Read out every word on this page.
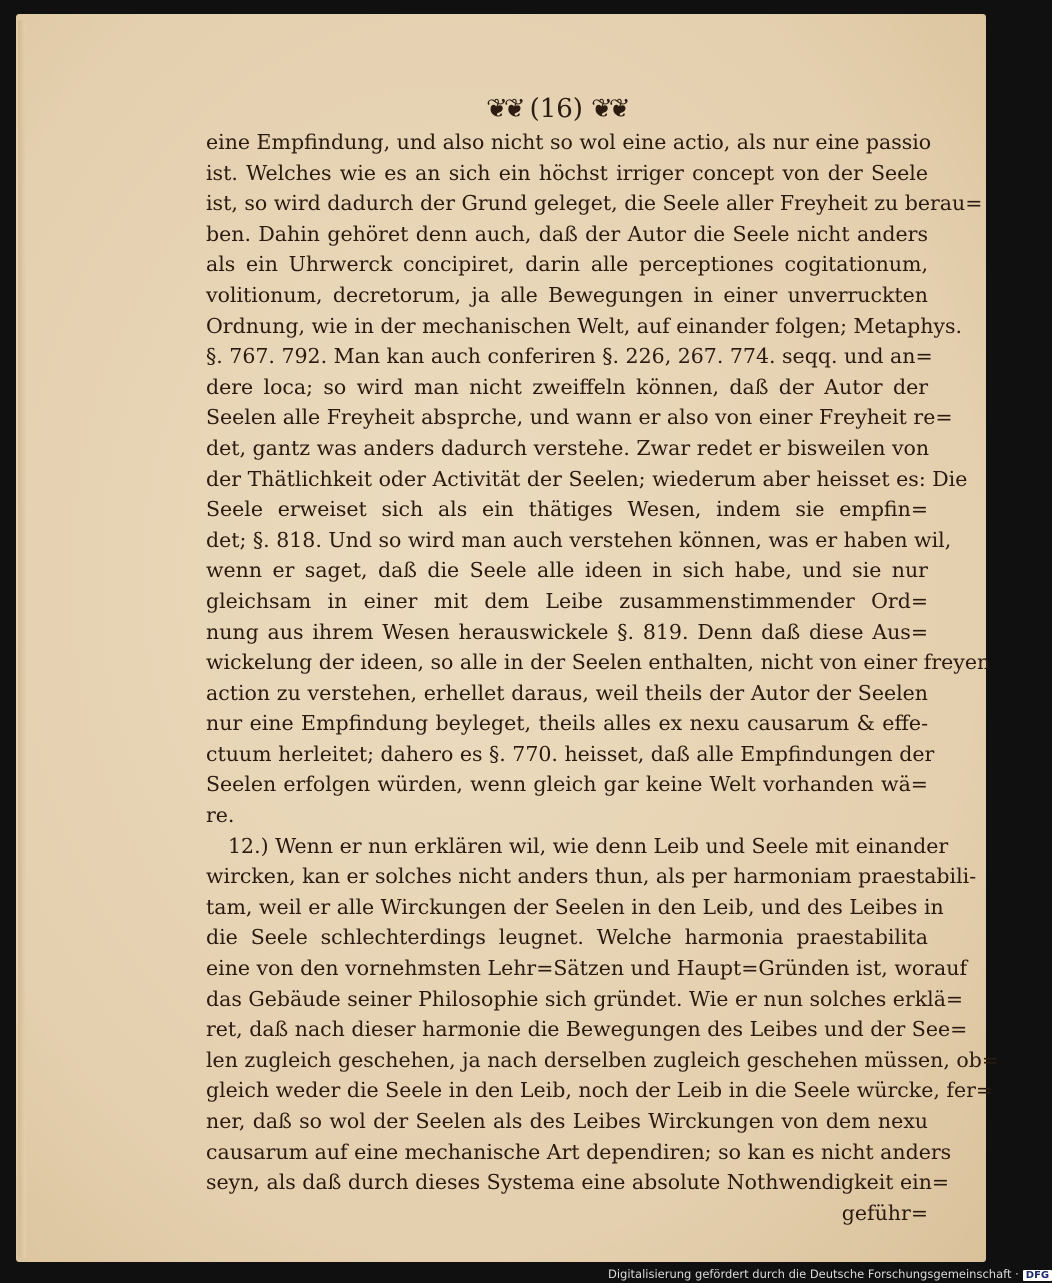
❦❦ (16) ❦❦
eine Empfindung, und also nicht so wol eine actio, als nur eine passio
ist. Welches wie es an sich ein höchst irriger concept von der Seele
ist, so wird dadurch der Grund geleget, die Seele aller Freyheit zu berau=
ben. Dahin gehöret denn auch, daß der Autor die Seele nicht anders
als ein Uhrwerck concipiret, darin alle perceptiones cogitationum,
volitionum, decretorum, ja alle Bewegungen in einer unverruckten
Ordnung, wie in der mechanischen Welt, auf einander folgen; Metaphys.
§. 767. 792. Man kan auch conferiren §. 226, 267. 774. seqq. und an=
dere loca; so wird man nicht zweiffeln können, daß der Autor der
Seelen alle Freyheit absprche, und wann er also von einer Freyheit re=
det, gantz was anders dadurch verstehe. Zwar redet er bisweilen von
der Thätlichkeit oder Activität der Seelen; wiederum aber heisset es: Die
Seele erweiset sich als ein thätiges Wesen, indem sie empfin=
det; §. 818. Und so wird man auch verstehen können, was er haben wil,
wenn er saget, daß die Seele alle ideen in sich habe, und sie nur
gleichsam in einer mit dem Leibe zusammenstimmender Ord=
nung aus ihrem Wesen herauswickele §. 819. Denn daß diese Aus=
wickelung der ideen, so alle in der Seelen enthalten, nicht von einer freyen
action zu verstehen, erhellet daraus, weil theils der Autor der Seelen
nur eine Empfindung beyleget, theils alles ex nexu causarum & effe-
ctuum herleitet; dahero es §. 770. heisset, daß alle Empfindungen der
Seelen erfolgen würden, wenn gleich gar keine Welt vorhanden wä=
re.
12.) Wenn er nun erklären wil, wie denn Leib und Seele mit einander
wircken, kan er solches nicht anders thun, als per harmoniam praestabili-
tam, weil er alle Wirckungen der Seelen in den Leib, und des Leibes in
die Seele schlechterdings leugnet. Welche harmonia praestabilita
eine von den vornehmsten Lehr=Sätzen und Haupt=Gründen ist, worauf
das Gebäude seiner Philosophie sich gründet. Wie er nun solches erklä=
ret, daß nach dieser harmonie die Bewegungen des Leibes und der See=
len zugleich geschehen, ja nach derselben zugleich geschehen müssen, ob=
gleich weder die Seele in den Leib, noch der Leib in die Seele würcke, fer=
ner, daß so wol der Seelen als des Leibes Wirckungen von dem nexu
causarum auf eine mechanische Art dependiren; so kan es nicht anders
seyn, als daß durch dieses Systema eine absolute Nothwendigkeit ein=
geführ=
Digitalisierung gefördert durch die Deutsche Forschungsgemeinschaft · DFG
